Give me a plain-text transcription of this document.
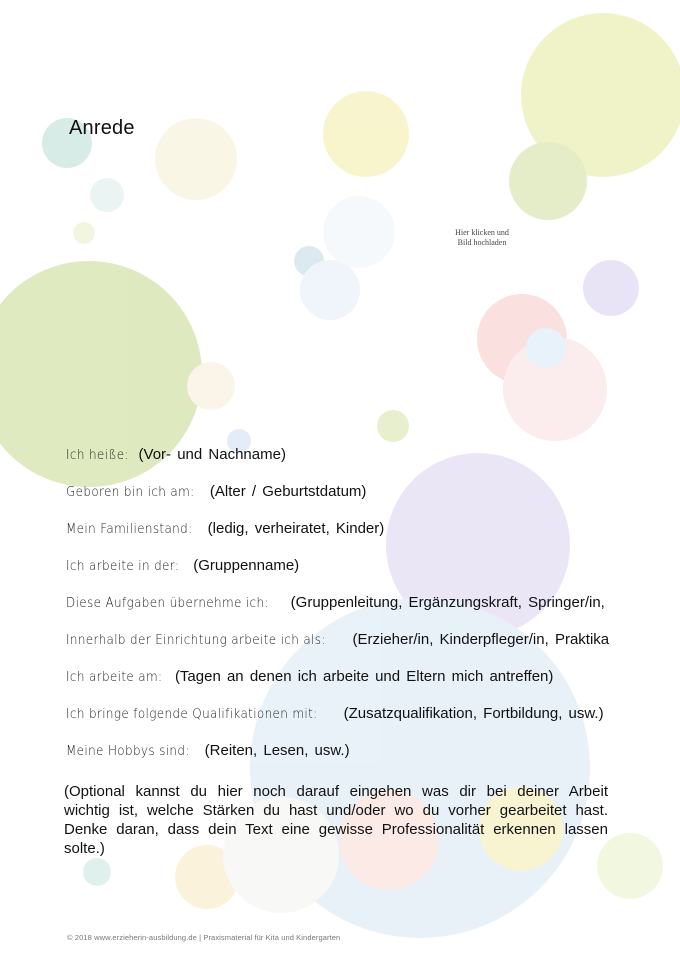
Anrede
Hier klicken und
Bild hochladen
Ich heiße: (Vor- und Nachname)
Geboren bin ich am: (Alter / Geburtstdatum)
Mein Familienstand: (ledig, verheiratet, Kinder)
Ich arbeite in der: (Gruppenname)
Diese Aufgaben übernehme ich: (Gruppenleitung, Ergänzungskraft, Springer/in,
Innerhalb der Einrichtung arbeite ich als: (Erzieher/in, Kinderpfleger/in, Praktika
Ich arbeite am: (Tagen an denen ich arbeite und Eltern mich antreffen)
Ich bringe folgende Qualifikationen mit: (Zusatzqualifikation, Fortbildung, usw.)
Meine Hobbys sind: (Reiten, Lesen, usw.)
(Optional kannst du hier noch darauf eingehen was dir bei deiner Arbeit wichtig ist, welche Stärken du hast und/oder wo du vorher gearbeitet hast. Denke daran, dass dein Text eine gewisse Professionalität erkennen lassen solte.)
© 2018 www.erzieherin-ausbildung.de | Praxismaterial für Kita und Kindergarten
